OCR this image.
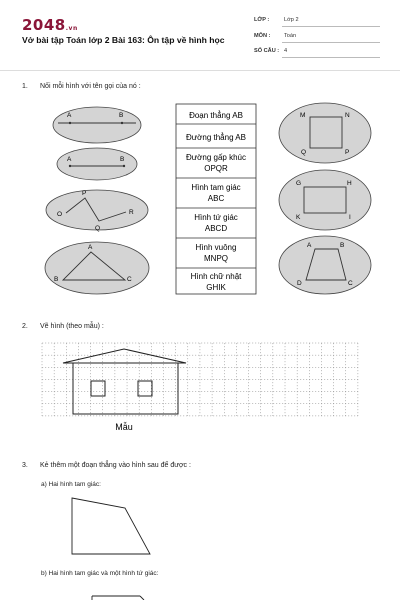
2048.vn
Vở bài tập Toán lớp 2 Bài 163: Ôn tập về hình học
LỚP :	Lớp 2
MÔN : Toán
SỐ CÂU : 4
1. Nối mỗi hình với tên gọi của nó :
A	B
A	B
O
P
Q
R
A
B	C
Đoạn thẳng AB
Đường thẳng AB
Đường gấp khúc
OPQR
Hình tam giác
ABC
Hình tứ giác
ABCD
Hình vuông
MNPQ
Hình chữ nhật
GHIK
M	N
P
Q
G	H
I
K
A	B
C
D
2. Vẽ hình (theo mẫu) :
Mẫu
3. Kẻ thêm một đoạn thẳng vào hình sau để được :
a) Hai hình tam giác:
b) Hai hình tam giác và một hình tứ giác:
